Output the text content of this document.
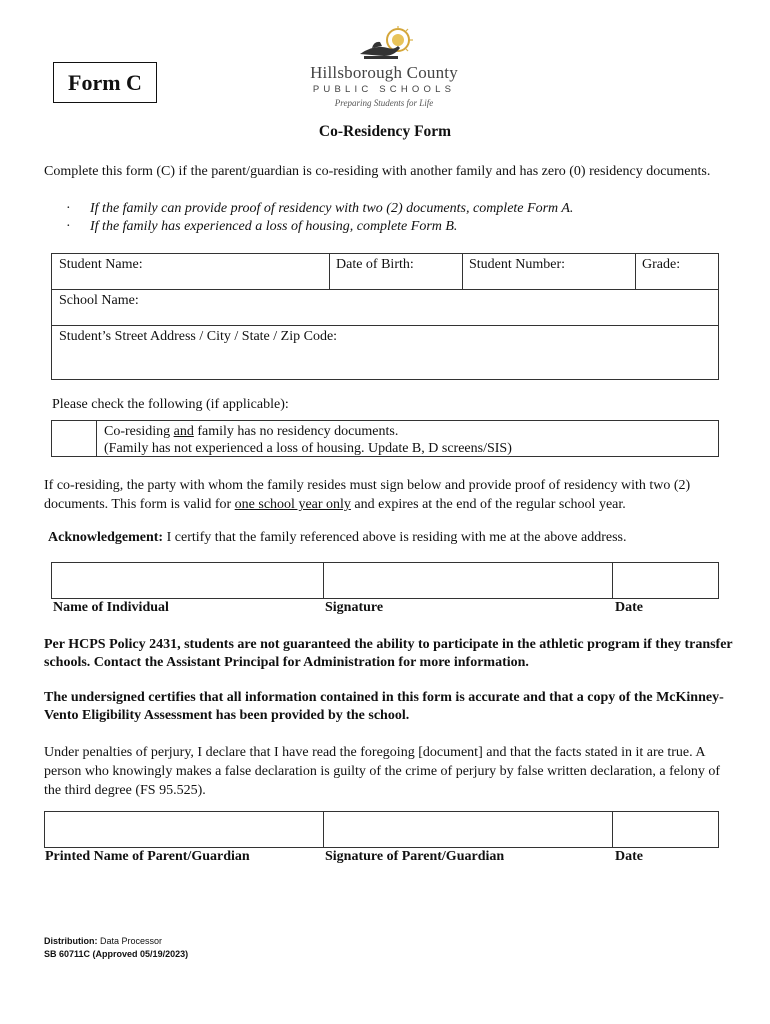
Form C	Hillsborough County
PUBLIC SCHOOLS
Preparing Students for Life
Co-Residency Form
Complete this form (C) if the parent/guardian is co-residing with another family and has zero (0) residency documents.
·	If the family can provide proof of residency with two (2) documents, complete Form A.
·	If the family has experienced a loss of housing, complete Form B.
Student Name:	Date of Birth:	Student Number:	Grade:
School Name:
Student’s Street Address / City / State / Zip Code:
Please check the following (if applicable):
Co-residing and family has no residency documents.
(Family has not experienced a loss of housing. Update B, D screens/SIS)
If co-residing, the party with whom the family resides must sign below and provide proof of residency with two (2) documents. This form is valid for one school year only and expires at the end of the regular school year.
Acknowledgement: I certify that the family referenced above is residing with me at the above address.
Name of Individual	Signature	Date
Per HCPS Policy 2431, students are not guaranteed the ability to participate in the athletic program if they transfer schools. Contact the Assistant Principal for Administration for more information.
The undersigned certifies that all information contained in this form is accurate and that a copy of the McKinney-Vento Eligibility Assessment has been provided by the school.
Under penalties of perjury, I declare that I have read the foregoing [document] and that the facts stated in it are true. A person who knowingly makes a false declaration is guilty of the crime of perjury by false written declaration, a felony of the third degree (FS 95.525).
Printed Name of Parent/Guardian	Signature of Parent/Guardian	Date
Distribution: Data Processor
SB 60711C (Approved 05/19/2023)
